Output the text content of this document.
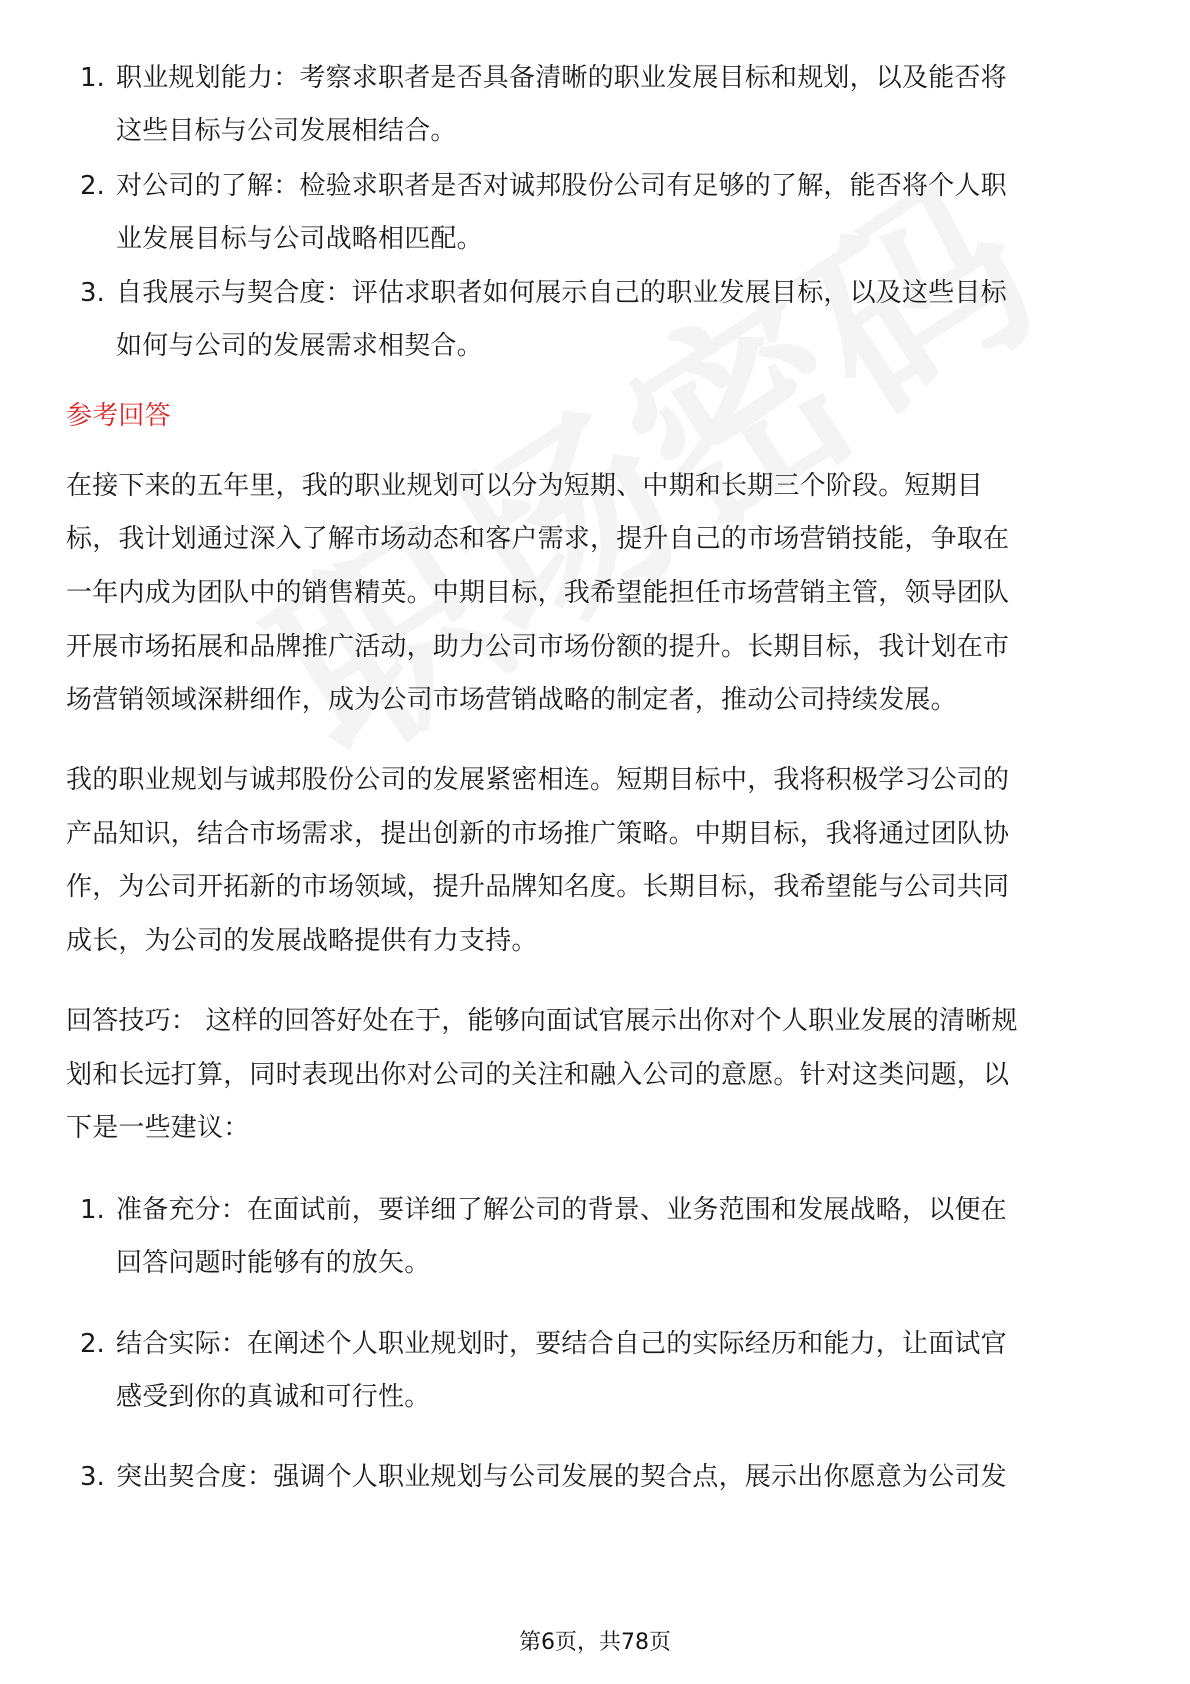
1. 职业规划能力：考察求职者是否具备清晰的职业发展目标和规划，以及能否将
这些目标与公司发展相结合。
2. 对公司的了解：检验求职者是否对诚邦股份公司有足够的了解，能否将个人职
业发展目标与公司战略相匹配。
3. 自我展示与契合度：评估求职者如何展示自己的职业发展目标，以及这些目标
如何与公司的发展需求相契合。
参考回答
在接下来的五年里，我的职业规划可以分为短期、中期和长期三个阶段。短期目
标，我计划通过深入了解市场动态和客户需求，提升自己的市场营销技能，争取在
一年内成为团队中的销售精英。中期目标，我希望能担任市场营销主管，领导团队
开展市场拓展和品牌推广活动，助力公司市场份额的提升。长期目标，我计划在市
场营销领域深耕细作，成为公司市场营销战略的制定者，推动公司持续发展。
我的职业规划与诚邦股份公司的发展紧密相连。短期目标中，我将积极学习公司的
产品知识，结合市场需求，提出创新的市场推广策略。中期目标，我将通过团队协
作，为公司开拓新的市场领域，提升品牌知名度。长期目标，我希望能与公司共同
成长，为公司的发展战略提供有力支持。
回答技巧： 这样的回答好处在于，能够向面试官展示出你对个人职业发展的清晰规
划和长远打算，同时表现出你对公司的关注和融入公司的意愿。针对这类问题，以
下是一些建议：
1. 准备充分：在面试前，要详细了解公司的背景、业务范围和发展战略，以便在
回答问题时能够有的放矢。
2. 结合实际：在阐述个人职业规划时，要结合自己的实际经历和能力，让面试官
感受到你的真诚和可行性。
3. 突出契合度：强调个人职业规划与公司发展的契合点，展示出你愿意为公司发
第6页，共78页
